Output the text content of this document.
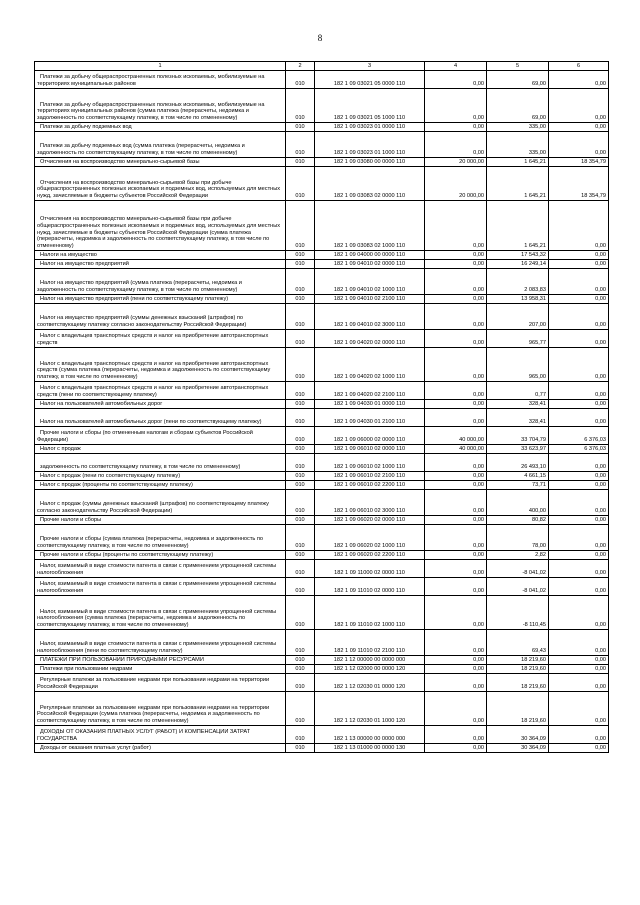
8
1	2	3	4	5	6
Платежи за добычу общераспространенных полезных ископаемых, мобилизуемые на территориях муниципальных районов	010	182 1 09 03021 05 0000 110	0,00	69,00	0,00
Платежи за добычу общераспространенных полезных ископаемых, мобилизуемые на территориях муниципальных районов (сумма платежа (перерасчеты, недоимка и задолженность по соответствующему платежу, в том числе по отмененному)	010	182 1 09 03021 05 1000 110	0,00	69,00	0,00
Платежи за добычу подземных вод	010	182 1 09 03023 01 0000 110	0,00	335,00	0,00
Платежи за добычу подземных вод (сумма платежа (перерасчеты, недоимка и задолженность по соответствующему платежу, в том числе по отмененному)	010	182 1 09 03023 01 1000 110	0,00	335,00	0,00
Отчисления на воспроизводство минерально-сырьевой базы	010	182 1 09 03080 00 0000 110	20 000,00	1 645,21	18 354,79
Отчисления на воспроизводство минерально-сырьевой базы при добыче общераспространенных полезных ископаемых и подземных вод, используемых для местных нужд, зачисляемые в бюджеты субъектов Российской Федерации	010	182 1 09 03083 02 0000 110	20 000,00	1 645,21	18 354,79
Отчисления на воспроизводство минерально-сырьевой базы при добыче общераспространенных полезных ископаемых и подземных вод, используемых для местных нужд, зачисляемые в бюджеты субъектов Российской Федерации (сумма платежа (перерасчеты, недоимка и задолженность по соответствующему платежу, в том числе по отмененному)	010	182 1 09 03083 02 1000 110	0,00	1 645,21	0,00
Налоги на имущество	010	182 1 09 04000 00 0000 110	0,00	17 543,32	0,00
Налог на имущество предприятий	010	182 1 09 04010 02 0000 110	0,00	16 249,14	0,00
Налог на имущество предприятий (сумма платежа (перерасчеты, недоимка и задолженность по соответствующему платежу, в том числе по отмененному)	010	182 1 09 04010 02 1000 110	0,00	2 083,83	0,00
Налог на имущество предприятий (пени по соответствующему платежу)	010	182 1 09 04010 02 2100 110	0,00	13 958,31	0,00
Налог на имущество предприятий (суммы денежных взысканий (штрафов) по соответствующему платежу согласно законодательству Российской Федерации)	010	182 1 09 04010 02 3000 110	0,00	207,00	0,00
Налог с владельцев транспортных средств и налог на приобретение автотранспортных средств	010	182 1 09 04020 02 0000 110	0,00	965,77	0,00
Налог с владельцев транспортных средств и налог на приобретение автотранспортных средств (сумма платежа (перерасчеты, недоимка и задолженность по соответствующему платежу, в том числе по отмененному)	010	182 1 09 04020 02 1000 110	0,00	965,00	0,00
Налог с владельцев транспортных средств и налог на приобретение автотранспортных средств (пени по соответствующему платежу)	010	182 1 09 04020 02 2100 110	0,00	0,77	0,00
Налог на пользователей автомобильных дорог	010	182 1 09 04030 01 0000 110	0,00	328,41	0,00
Налог на пользователей автомобильных дорог (пени по соответствующему платежу)	010	182 1 09 04030 01 2100 110	0,00	328,41	0,00
Прочие налоги и сборы (по отмененным налогам и сборам субъектов Российской Федерации)	010	182 1 09 06000 02 0000 110	40 000,00	33 704,79	6 376,03
Налог с продаж	010	182 1 09 06010 02 0000 110	40 000,00	33 623,97	6 376,03
задолженность по соответствующему платежу, в том числе по отмененному)	010	182 1 09 06010 02 1000 110	0,00	26 493,10	0,00
Налог с продаж (пени по соответствующему платежу)	010	182 1 09 06010 02 2100 110	0,00	4 661,15	0,00
Налог с продаж (проценты по соответствующему платежу)	010	182 1 09 06010 02 2200 110	0,00	73,71	0,00
Налог с продаж (суммы денежных взысканий (штрафов) по соответствующему платежу согласно законодательству Российской Федерации)	010	182 1 09 06010 02 3000 110	0,00	400,00	0,00
Прочие налоги и сборы	010	182 1 09 06020 02 0000 110	0,00	80,82	0,00
Прочие налоги и сборы (сумма платежа (перерасчеты, недоимка и задолженность по соответствующему платежу, в том числе по отмененному)	010	182 1 09 06020 02 1000 110	0,00	78,00	0,00
Прочие налоги и сборы (проценты по соответствующему платежу)	010	182 1 09 06020 02 2200 110	0,00	2,82	0,00
Налог, взимаемый в виде стоимости патента в связи с применением упрощенной системы налогообложения	010	182 1 09 11000 02 0000 110	0,00	-8 041,02	0,00
Налог, взимаемый в виде стоимости патента в связи с применением упрощенной системы налогообложения	010	182 1 09 11010 02 0000 110	0,00	-8 041,02	0,00
Налог, взимаемый в виде стоимости патента в связи с применением упрощенной системы налогообложения (сумма платежа (перерасчеты, недоимка и задолженность по соответствующему платежу, в том числе по отмененному)	010	182 1 09 11010 02 1000 110	0,00	-8 110,45	0,00
Налог, взимаемый в виде стоимости патента в связи с применением упрощенной системы налогообложения (пени по соответствующему платежу)	010	182 1 09 11010 02 2100 110	0,00	69,43	0,00
ПЛАТЕЖИ ПРИ ПОЛЬЗОВАНИИ ПРИРОДНЫМИ РЕСУРСАМИ	010	182 1 12 00000 00 0000 000	0,00	18 219,60	0,00
Платежи при пользовании недрами	010	182 1 12 02000 00 0000 120	0,00	18 219,60	0,00
Регулярные платежи за пользование недрами при пользовании недрами на территории Российской Федерации	010	182 1 12 02030 01 0000 120	0,00	18 219,60	0,00
Регулярные платежи за пользование недрами при пользовании недрами на территории Российской Федерации (сумма платежа (перерасчеты, недоимка и задолженность по соответствующему платежу, в том числе по отмененному)	010	182 1 12 02030 01 1000 120	0,00	18 219,60	0,00
ДОХОДЫ ОТ ОКАЗАНИЯ ПЛАТНЫХ УСЛУГ (РАБОТ) И КОМПЕНСАЦИИ ЗАТРАТ ГОСУДАРСТВА	010	182 1 13 00000 00 0000 000	0,00	30 364,09	0,00
Доходы от оказания платных услуг (работ)	010	182 1 13 01000 00 0000 130	0,00	30 364,09	0,00
